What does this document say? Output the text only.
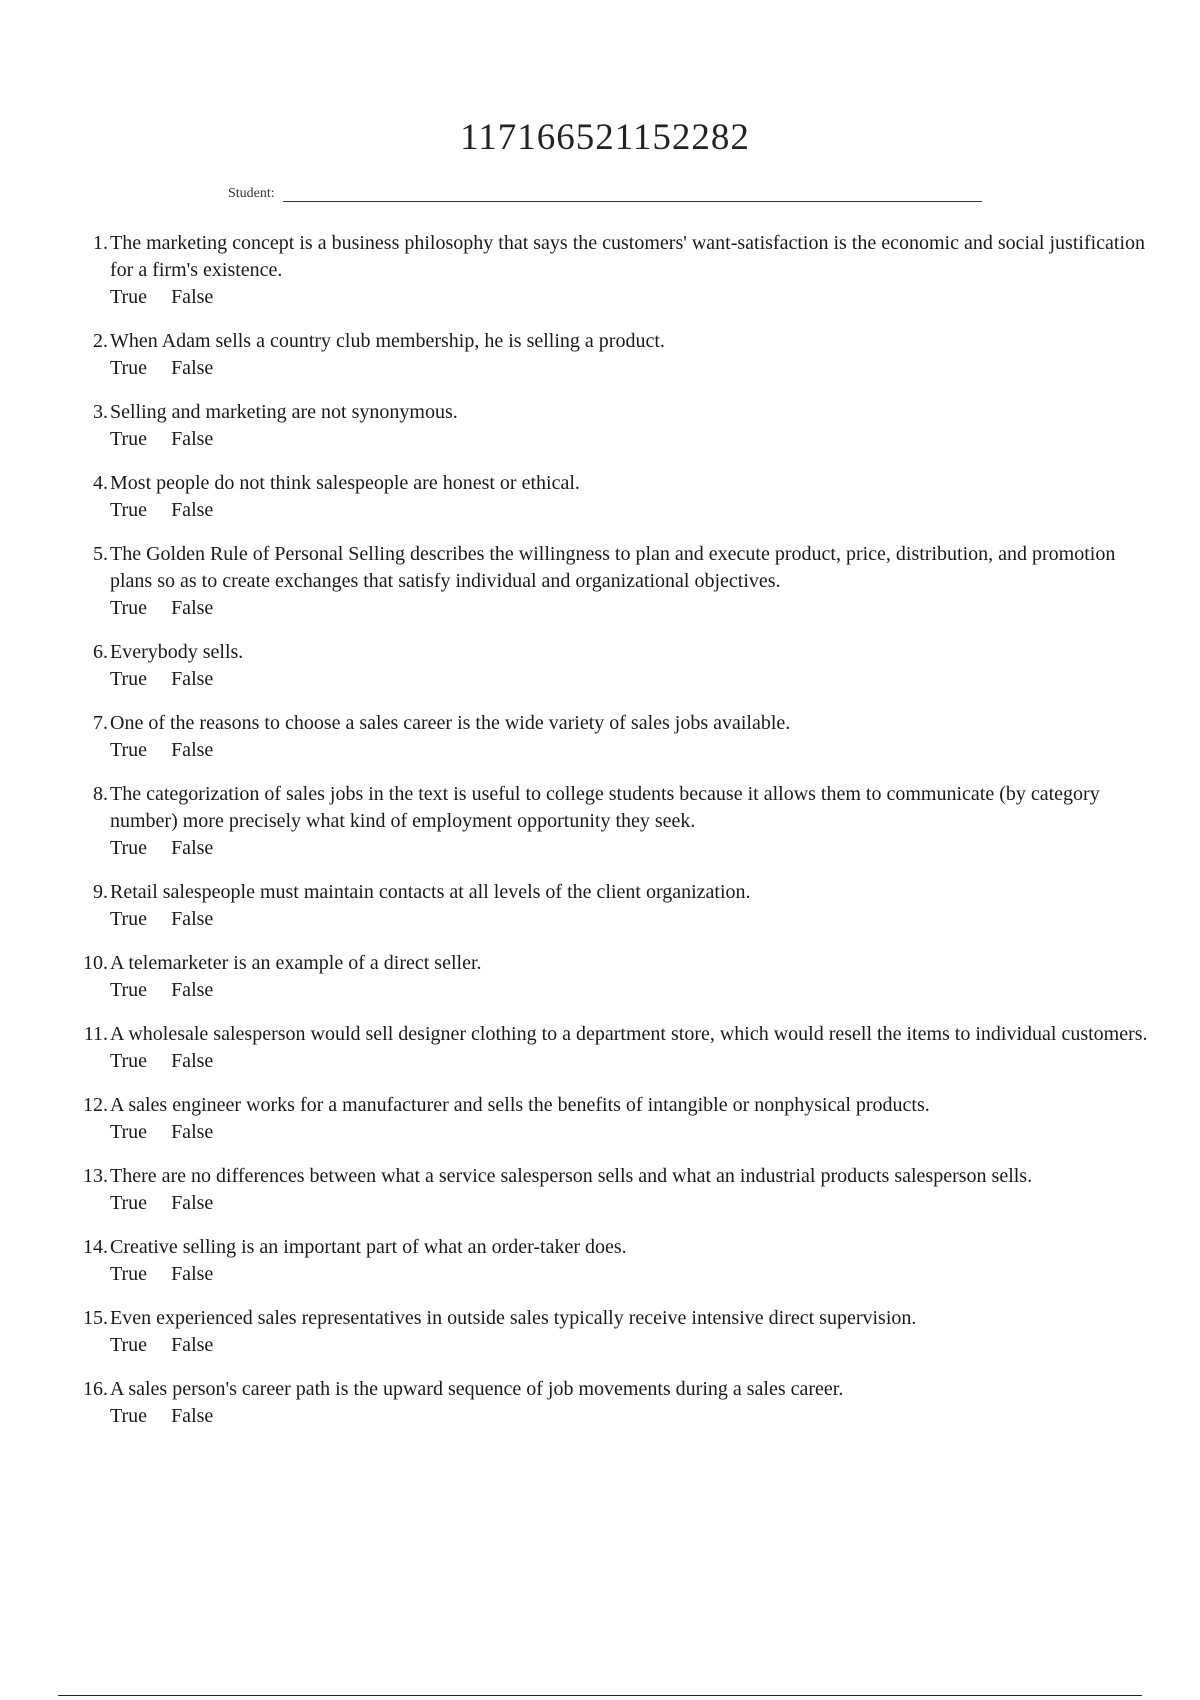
117166521152282
Student:
1. The marketing concept is a business philosophy that says the customers' want-satisfaction is the economic and social justification for a firm's existence.
True False
2. When Adam sells a country club membership, he is selling a product.
True False
3. Selling and marketing are not synonymous.
True False
4. Most people do not think salespeople are honest or ethical.
True False
5. The Golden Rule of Personal Selling describes the willingness to plan and execute product, price, distribution, and promotion plans so as to create exchanges that satisfy individual and organizational objectives.
True False
6. Everybody sells.
True False
7. One of the reasons to choose a sales career is the wide variety of sales jobs available.
True False
8. The categorization of sales jobs in the text is useful to college students because it allows them to communicate (by category number) more precisely what kind of employment opportunity they seek.
True False
9. Retail salespeople must maintain contacts at all levels of the client organization.
True False
10. A telemarketer is an example of a direct seller.
True False
11. A wholesale salesperson would sell designer clothing to a department store, which would resell the items to individual customers.
True False
12. A sales engineer works for a manufacturer and sells the benefits of intangible or nonphysical products.
True False
13. There are no differences between what a service salesperson sells and what an industrial products salesperson sells.
True False
14. Creative selling is an important part of what an order-taker does.
True False
15. Even experienced sales representatives in outside sales typically receive intensive direct supervision.
True False
16. A sales person's career path is the upward sequence of job movements during a sales career.
True False
